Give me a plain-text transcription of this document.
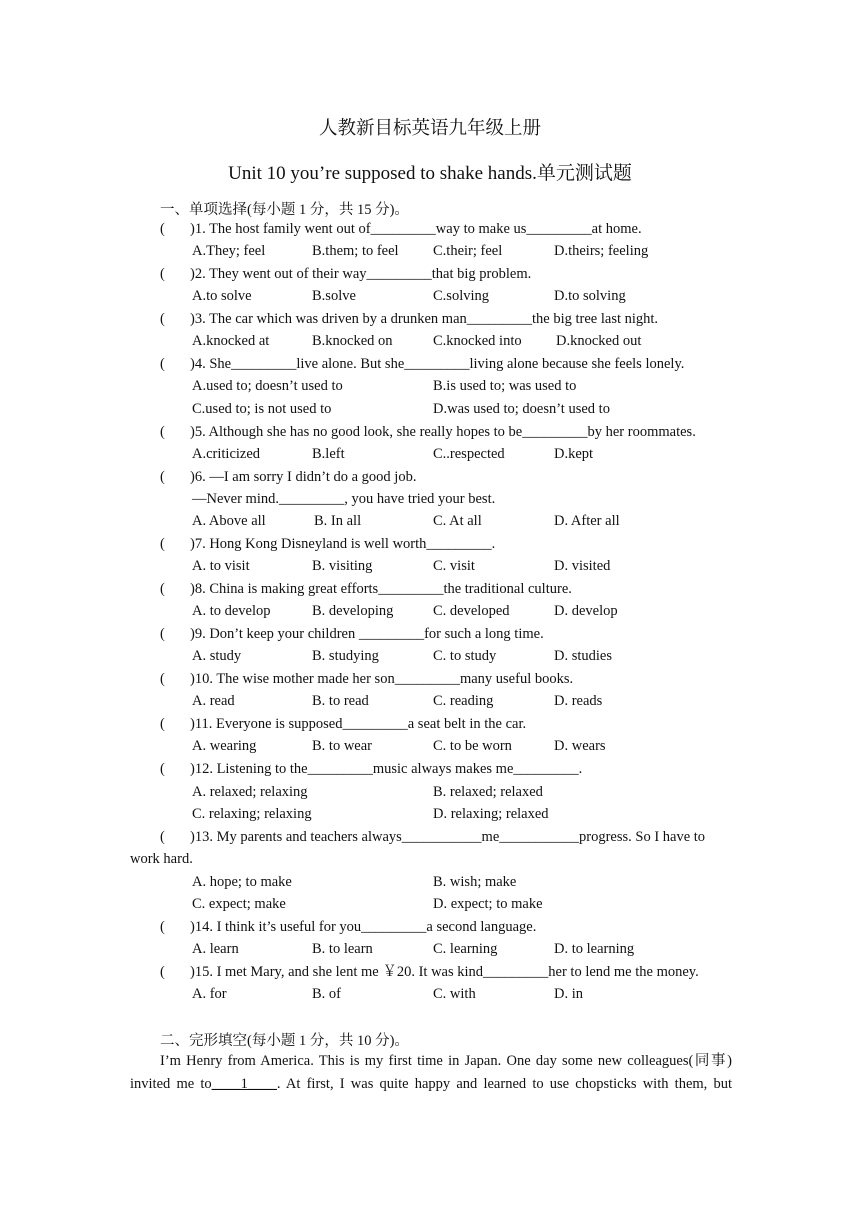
人教新目标英语九年级上册
Unit 10 you’re supposed to shake hands.单元测试题
一、单项选择(每小题 1 分，共 15 分)。
( )1. The host family went out of_________way to make us_________at home.
A.They; feel	B.them; to feel C.their; feel	D.theirs; feeling
( )2. They went out of their way_________that big problem.
A.to solve	B.solve	C.solving	D.to solving
( )3. The car which was driven by a drunken man_________the big tree last night.
A.knocked at	B.knocked on	C.knocked into D.knocked out
( )4. She_________live alone. But she_________living alone because she feels lonely.
A.used to; doesn’t used to	B.is used to; was used to
C.used to; is not used to	D.was used to; doesn’t used to
( )5. Although she has no good look, she really hopes to be_________by her roommates.
A.criticized	B.left	C..respected	D.kept
( )6. —I am sorry I didn’t do a good job.
—Never mind._________, you have tried your best.
A. Above all	B. In all	C. At all	D. After all
( )7. Hong Kong Disneyland is well worth_________.
A. to visit	B. visiting	C. visit	D. visited
( )8. China is making great efforts_________the traditional culture.
A. to develop	B. developing	C. developed	D. develop
( )9. Don’t keep your children _________for such a long time.
A. study	B. studying	C. to study	D. studies
( )10. The wise mother made her son_________many useful books.
A. read	B. to read	C. reading	D. reads
( )11. Everyone is supposed_________a seat belt in the car.
A. wearing	B. to wear	C. to be worn	D. wears
( )12. Listening to the_________music always makes me_________.
A. relaxed; relaxing	B. relaxed; relaxed
C. relaxing; relaxing	D. relaxing; relaxed
( )13. My parents and teachers always___________me___________progress. So I have to
work hard.
A. hope; to make	B. wish; make
C. expect; make	D. expect; to make
( )14. I think it’s useful for you_________a second language.
A. learn	B. to learn	C. learning	D. to learning
( )15. I met Mary, and she lent me ￥20. It was kind_________her to lend me the money.
A. for	B. of	C. with	D. in
二、完形填空(每小题 1 分，共 10 分)。
I’m Henry from America. This is my first time in Japan. One day some new colleagues(同事)
invited me to____1____. At first, I was quite happy and learned to use chopsticks with them, but
